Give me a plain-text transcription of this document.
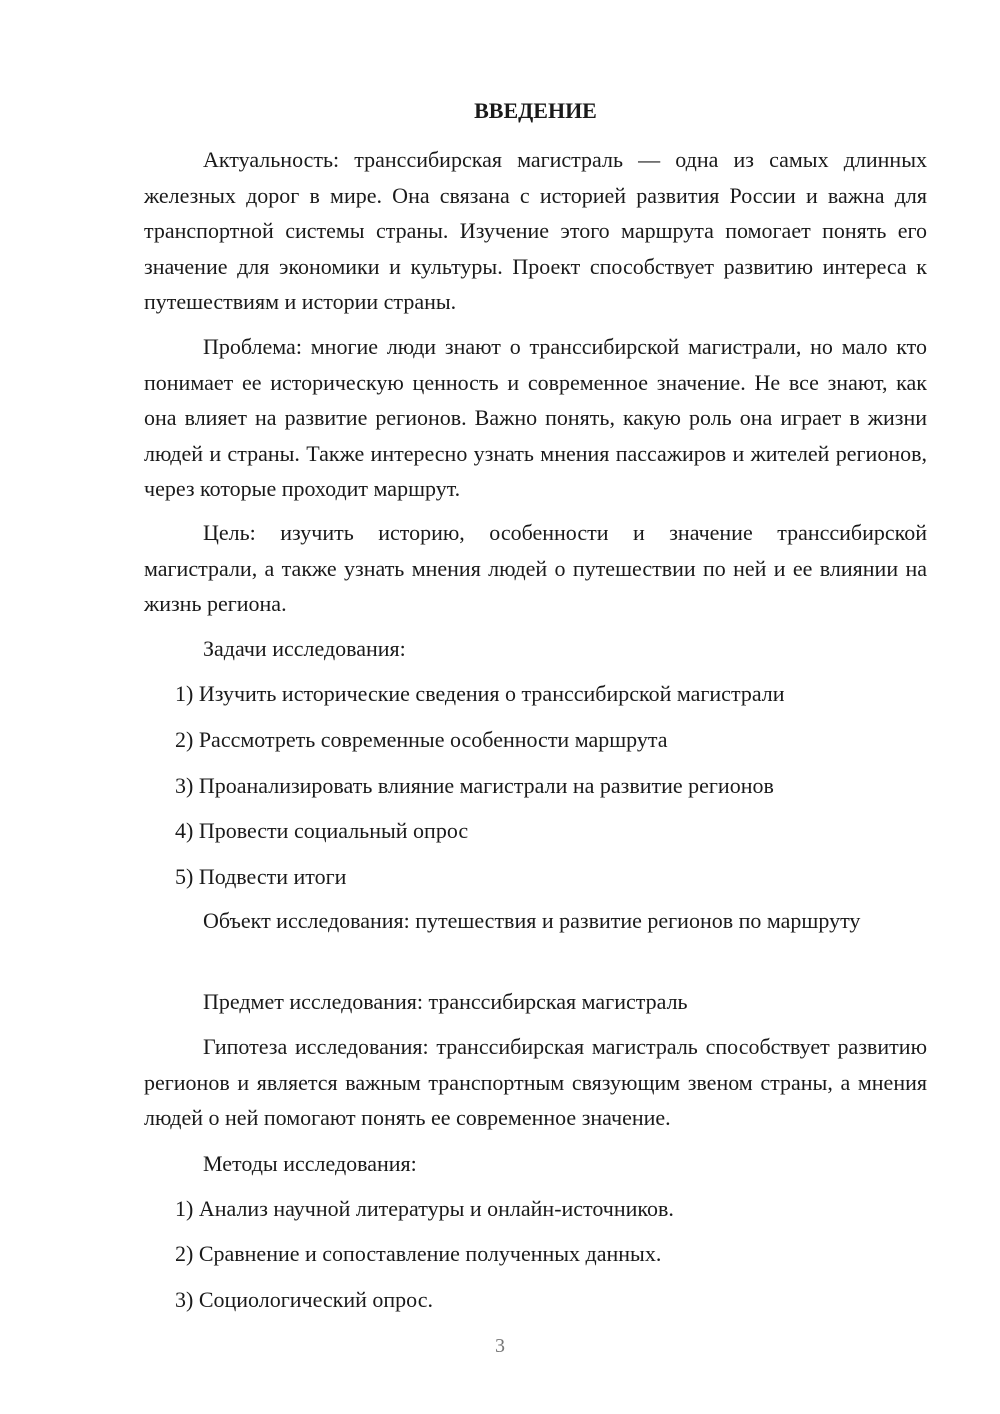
ВВЕДЕНИЕ

Актуальность: транссибирская магистраль — одна из самых длинных железных дорог в мире. Она связана с историей развития России и важна для транспортной системы страны. Изучение этого маршрута помогает понять его значение для экономики и культуры. Проект способствует развитию интереса к путешествиям и истории страны.

Проблема: многие люди знают о транссибирской магистрали, но мало кто понимает ее историческую ценность и современное значение. Не все знают, как она влияет на развитие регионов. Важно понять, какую роль она играет в жизни людей и страны. Также интересно узнать мнения пассажиров и жителей регионов, через которые проходит маршрут.

Цель: изучить историю, особенности и значение транссибирской магистрали, а также узнать мнения людей о путешествии по ней и ее влиянии на жизнь региона.

Задачи исследования:
1) Изучить исторические сведения о транссибирской магистрали
2) Рассмотреть современные особенности маршрута
3) Проанализировать влияние магистрали на развитие регионов
4) Провести социальный опрос
5) Подвести итоги

Объект исследования: путешествия и развитие регионов по маршруту

Предмет исследования: транссибирская магистраль

Гипотеза исследования: транссибирская магистраль способствует развитию регионов и является важным транспортным связующим звеном страны, а мнения людей о ней помогают понять ее современное значение.

Методы исследования:
1) Анализ научной литературы и онлайн-источников.
2) Сравнение и сопоставление полученных данных.
3) Социологический опрос.
3
